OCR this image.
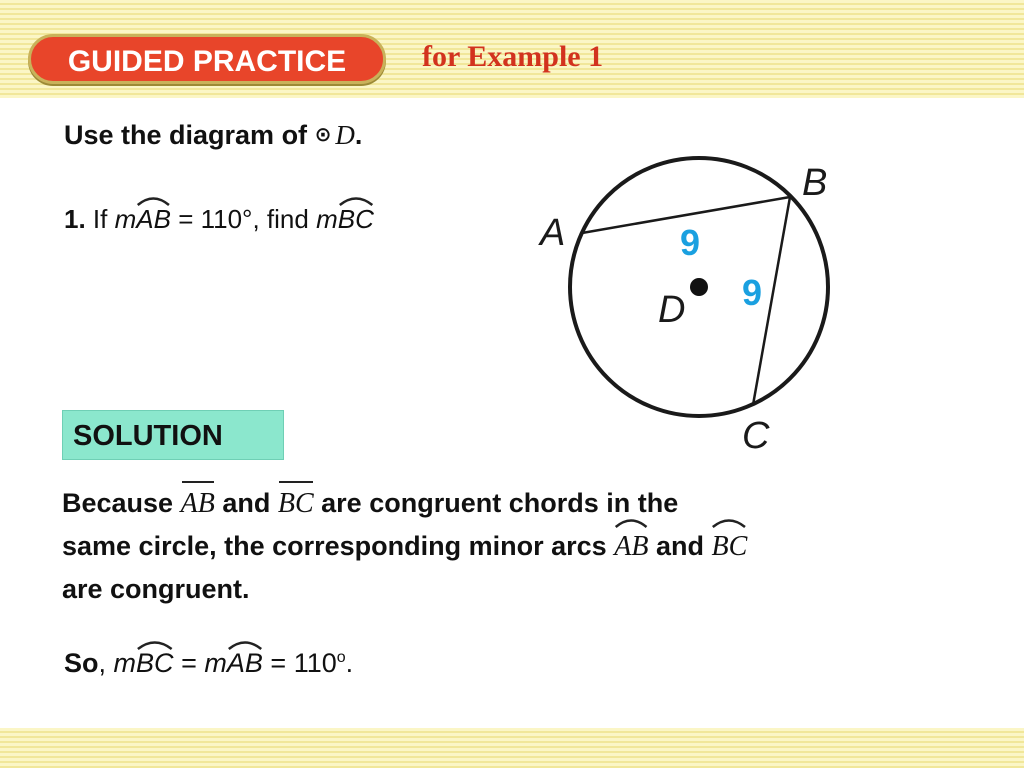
GUIDED PRACTICE	for Example 1
Use the diagram of ⊙ D.
1. If m
AB = 110°, find m
BC	A
B
C
D
9
9
SOLUTION
Because AB and BC are congruent chords in the
same circle, the corresponding minor arcs AB and BC
are congruent.
So, m
BC = m
AB = $110^o$.
